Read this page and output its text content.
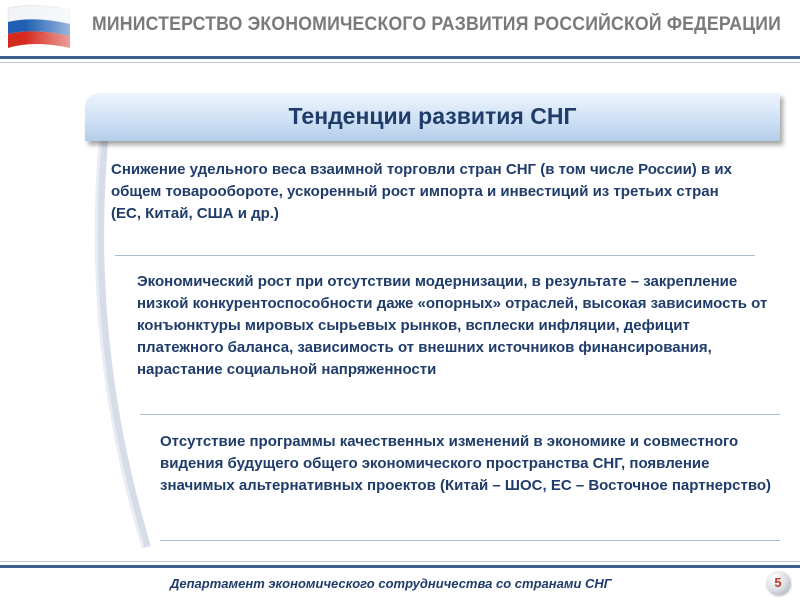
МИНИСТЕРСТВО ЭКОНОМИЧЕСКОГО РАЗВИТИЯ РОССИЙСКОЙ ФЕДЕРАЦИИ
Тенденции развития СНГ
Снижение удельного веса взаимной торговли стран СНГ (в том числе России) в их общем товарообороте, ускоренный рост импорта и инвестиций из третьих стран (ЕС, Китай, США и др.)
Экономический рост при отсутствии модернизации, в результате – закрепление низкой конкурентоспособности даже «опорных» отраслей, высокая зависимость от конъюнктуры мировых сырьевых рынков, всплески инфляции, дефицит платежного баланса, зависимость от внешних источников финансирования, нарастание социальной напряженности
Отсутствие программы качественных изменений в экономике и совместного видения будущего общего экономического пространства СНГ, появление значимых альтернативных проектов (Китай – ШОС, ЕС – Восточное партнерство)
Департамент экономического сотрудничества со странами СНГ	5
